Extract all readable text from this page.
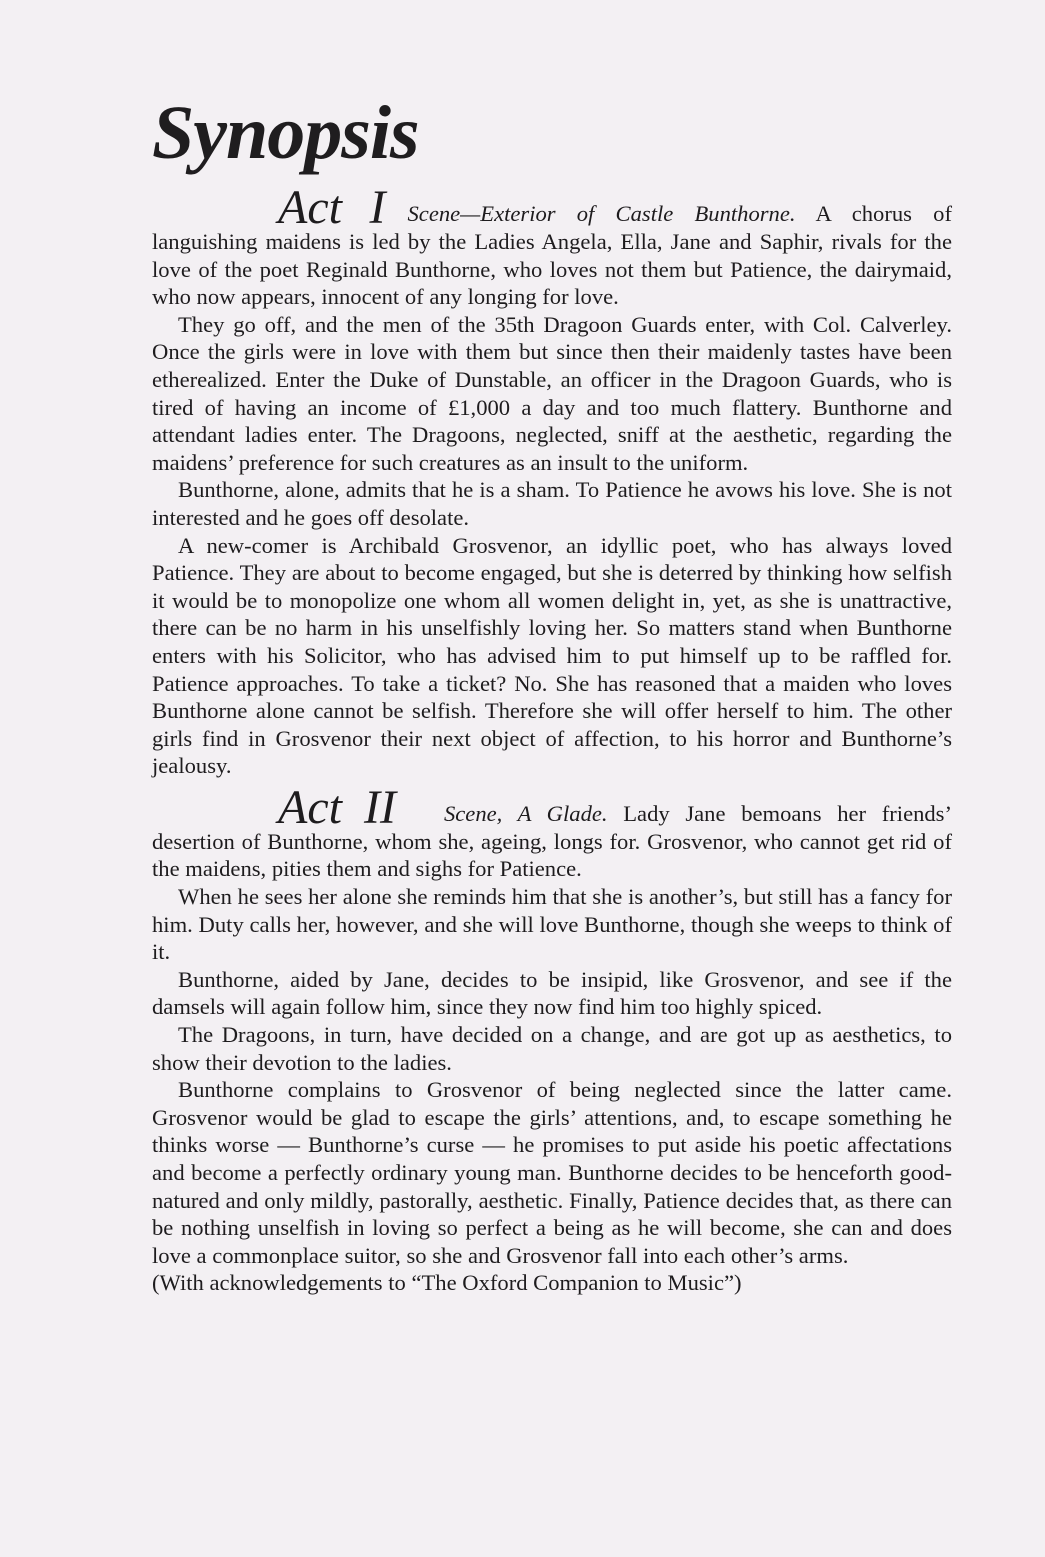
Synopsis

Act I Scene—Exterior of Castle Bunthorne. A chorus of languishing maidens is led by the Ladies Angela, Ella, Jane and Saphir, rivals for the love of the poet Reginald Bunthorne, who loves not them but Patience, the dairymaid, who now appears, innocent of any longing for love.

They go off, and the men of the 35th Dragoon Guards enter, with Col. Calverley. Once the girls were in love with them but since then their maidenly tastes have been etherealized. Enter the Duke of Dunstable, an officer in the Dragoon Guards, who is tired of having an income of £1,000 a day and too much flattery. Bunthorne and attendant ladies enter. The Dragoons, neglected, sniff at the aesthetic, regarding the maidens’ preference for such creatures as an insult to the uniform.

Bunthorne, alone, admits that he is a sham. To Patience he avows his love. She is not interested and he goes off desolate.

A new-comer is Archibald Grosvenor, an idyllic poet, who has always loved Patience. They are about to become engaged, but she is deterred by thinking how selfish it would be to monopolize one whom all women delight in, yet, as she is unattractive, there can be no harm in his unselfishly loving her. So matters stand when Bunthorne enters with his Solicitor, who has advised him to put himself up to be raffled for. Patience approaches. To take a ticket? No. She has reasoned that a maiden who loves Bunthorne alone cannot be selfish. Therefore she will offer herself to him. The other girls find in Grosvenor their next object of affection, to his horror and Bunthorne’s jealousy.

Act II Scene, A Glade. Lady Jane bemoans her friends’ desertion of Bunthorne, whom she, ageing, longs for. Grosvenor, who cannot get rid of the maidens, pities them and sighs for Patience.

When he sees her alone she reminds him that she is another’s, but still has a fancy for him. Duty calls her, however, and she will love Bunthorne, though she weeps to think of it.

Bunthorne, aided by Jane, decides to be insipid, like Grosvenor, and see if the damsels will again follow him, since they now find him too highly spiced.

The Dragoons, in turn, have decided on a change, and are got up as aesthetics, to show their devotion to the ladies.

Bunthorne complains to Grosvenor of being neglected since the latter came. Grosvenor would be glad to escape the girls’ attentions, and, to escape something he thinks worse — Bunthorne’s curse — he promises to put aside his poetic affectations and become a perfectly ordinary young man. Bunthorne decides to be henceforth good-natured and only mildly, pastorally, aesthetic. Finally, Patience decides that, as there can be nothing unselfish in loving so perfect a being as he will become, she can and does love a commonplace suitor, so she and Grosvenor fall into each other’s arms.

(With acknowledgements to “The Oxford Companion to Music”)
